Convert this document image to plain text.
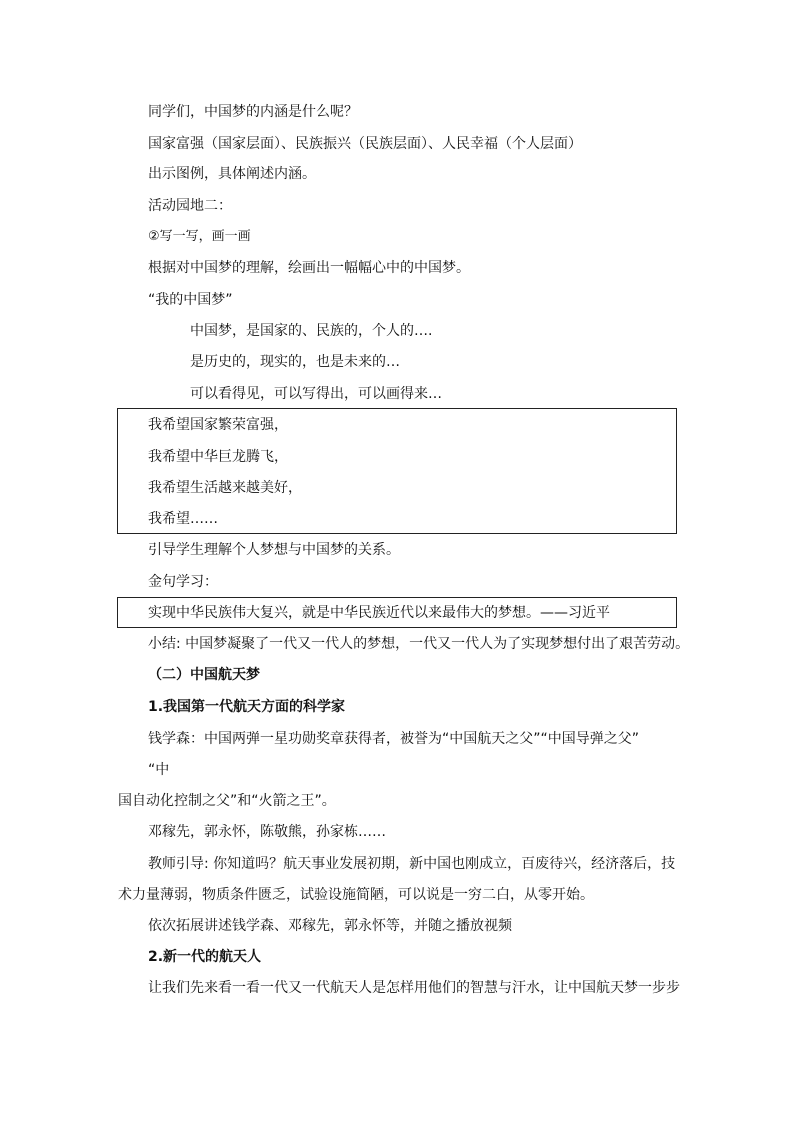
同学们，中国梦的内涵是什么呢？
国家富强（国家层面）、民族振兴（民族层面）、人民幸福（个人层面）
出示图例，具体阐述内涵。
活动园地二：
②写一写，画一画
根据对中国梦的理解，绘画出一幅幅心中的中国梦。
“我的中国梦”
中国梦，是国家的、民族的，个人的….
是历史的，现实的，也是未来的…
可以看得见，可以写得出，可以画得来…
我希望国家繁荣富强，
我希望中华巨龙腾飞，
我希望生活越来越美好，
我希望……
引导学生理解个人梦想与中国梦的关系。
金句学习：
实现中华民族伟大复兴，就是中华民族近代以来最伟大的梦想。——习近平
小结: 中国梦凝聚了一代又一代人的梦想，一代又一代人为了实现梦想付出了艰苦劳动。
（二）中国航天梦
1.我国第一代航天方面的科学家
钱学森：中国两弹一星功勋奖章获得者，被誉为“中国航天之父”“中国导弹之父”
“中
国自动化控制之父”和“火箭之王”。
邓稼先，郭永怀，陈敬熊，孙家栋……
教师引导: 你知道吗？航天事业发展初期，新中国也刚成立，百废待兴，经济落后，技
术力量薄弱，物质条件匮乏，试验设施简陋，可以说是一穷二白，从零开始。
依次拓展讲述钱学森、邓稼先，郭永怀等，并随之播放视频
2.新一代的航天人
让我们先来看一看一代又一代航天人是怎样用他们的智慧与汗水，让中国航天梦一步步
